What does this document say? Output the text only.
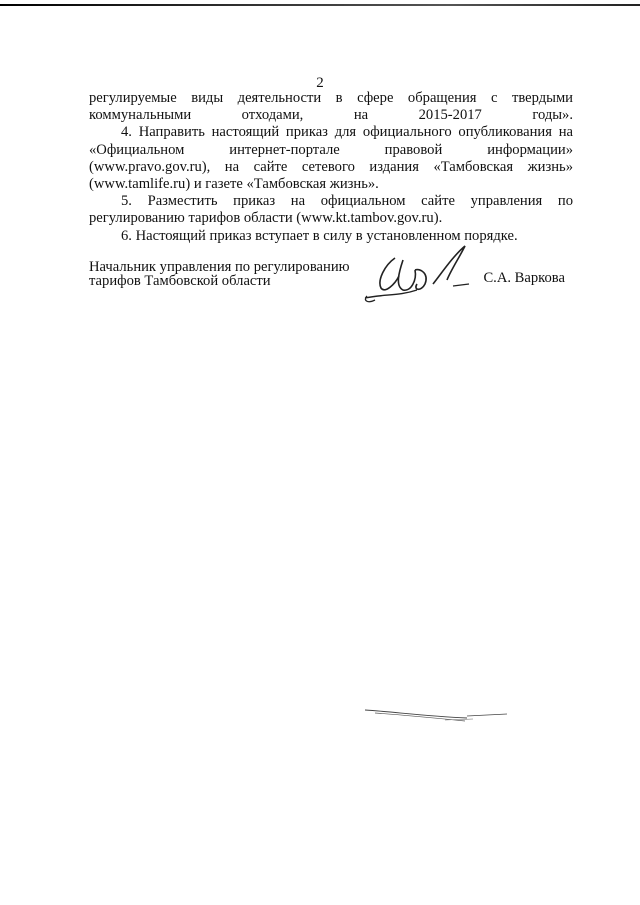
2

регулируемые виды деятельности в сфере обращения с твердыми коммунальными отходами, на 2015-2017 годы».

4. Направить настоящий приказ для официального опубликования на «Официальном интернет-портале правовой информации» (www.pravo.gov.ru), на сайте сетевого издания «Тамбовская жизнь» (www.tamlife.ru) и газете «Тамбовская жизнь».

5. Разместить приказ на официальном сайте управления по регулированию тарифов области (www.kt.tambov.gov.ru).

6. Настоящий приказ вступает в силу в установленном порядке.

Начальник управления по регулированию
тарифов Тамбовской области	С.А. Варкова
